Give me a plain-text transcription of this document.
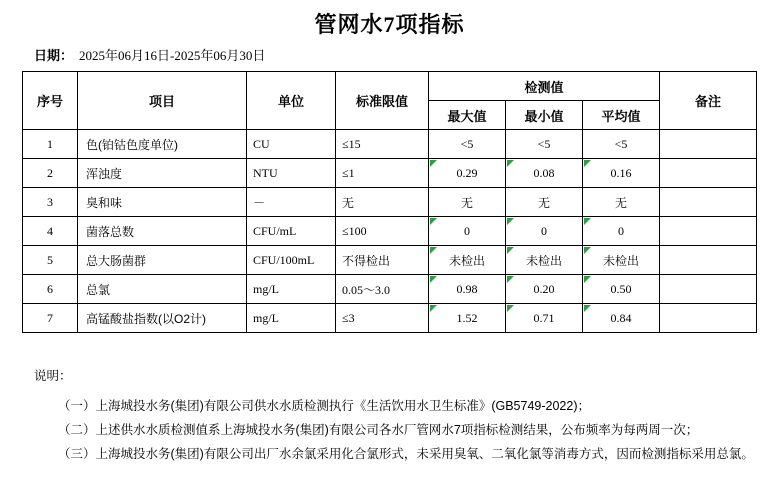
管网水7项指标
日期： 2025年06月16日-2025年06月30日
序号	项目	单位	标准限值	检测值			备注
				最大值	最小值	平均值	
1	色(铂钴色度单位)	CU	≤15	<5	<5	<5	
2	浑浊度	NTU	≤1	0.29	0.08	0.16	
3	臭和味	－	无	无	无	无	
4	菌落总数	CFU/mL	≤100	0	0	0	
5	总大肠菌群	CFU/100mL	不得检出	未检出	未检出	未检出	
6	总氯	mg/L	0.05～3.0	0.98	0.20	0.50	
7	高锰酸盐指数(以O2计)	mg/L	≤3	1.52	0.71	0.84	
说明：

（一）上海城投水务(集团)有限公司供水水质检测执行《生活饮用水卫生标准》(GB5749-2022)；

（二）上述供水水质检测值系上海城投水务(集团)有限公司各水厂管网水7项指标检测结果，公布频率为每两周一次；

（三）上海城投水务(集团)有限公司出厂水余氯采用化合氯形式，未采用臭氧、二氧化氯等消毒方式，因而检测指标采用总氯。
